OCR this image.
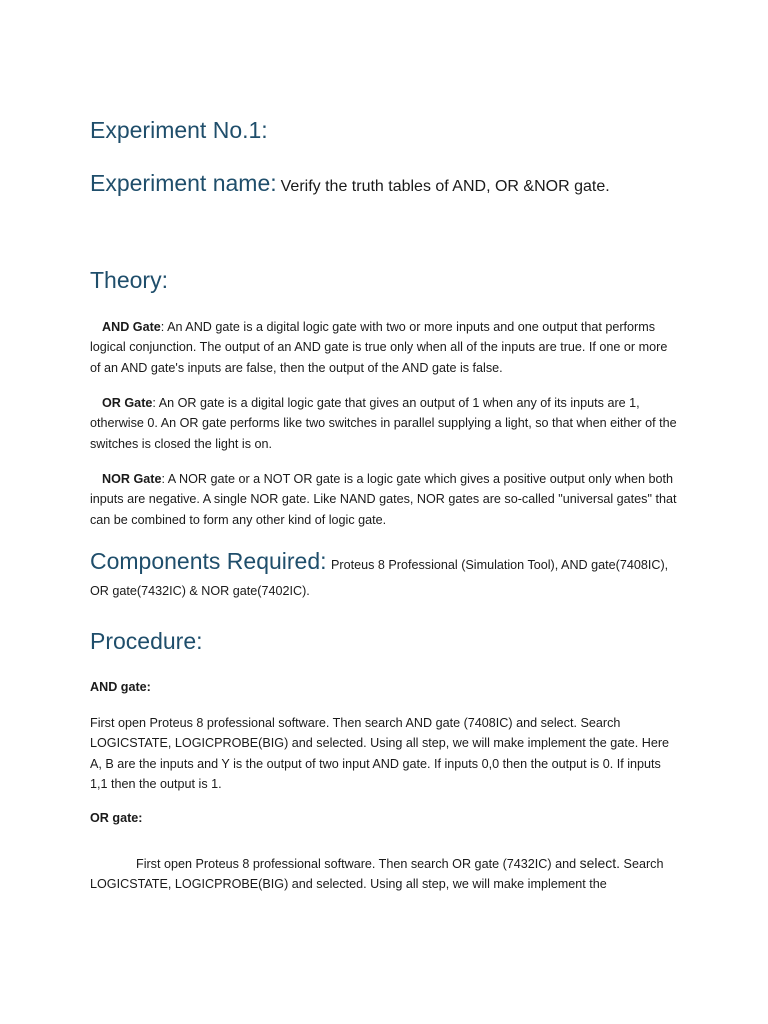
Experiment No.1:
Experiment name: Verify the truth tables of AND, OR &NOR gate.
Theory:

AND Gate: An AND gate is a digital logic gate with two or more inputs and one output that performs logical conjunction. The output of an AND gate is true only when all of the inputs are true. If one or more of an AND gate's inputs are false, then the output of the AND gate is false.

OR Gate: An OR gate is a digital logic gate that gives an output of 1 when any of its inputs are 1, otherwise 0. An OR gate performs like two switches in parallel supplying a light, so that when either of the switches is closed the light is on.

NOR Gate: A NOR gate or a NOT OR gate is a logic gate which gives a positive output only when both inputs are negative. A single NOR gate. Like NAND gates, NOR gates are so-called "universal gates" that can be combined to form any other kind of logic gate.

Components Required: Proteus 8 Professional (Simulation Tool), AND gate(7408IC), OR gate(7432IC) & NOR gate(7402IC).
Procedure:

AND gate:

First open Proteus 8 professional software. Then search AND gate (7408IC) and select. Search LOGICSTATE, LOGICPROBE(BIG) and selected. Using all step, we will make implement the gate. Here A, B are the inputs and Y is the output of two input AND gate. If inputs 0,0 then the output is 0. If inputs 1,1 then the output is 1.

OR gate:

First open Proteus 8 professional software. Then search OR gate (7432IC) and select. Search LOGICSTATE, LOGICPROBE(BIG) and selected. Using all step, we will make implement the
